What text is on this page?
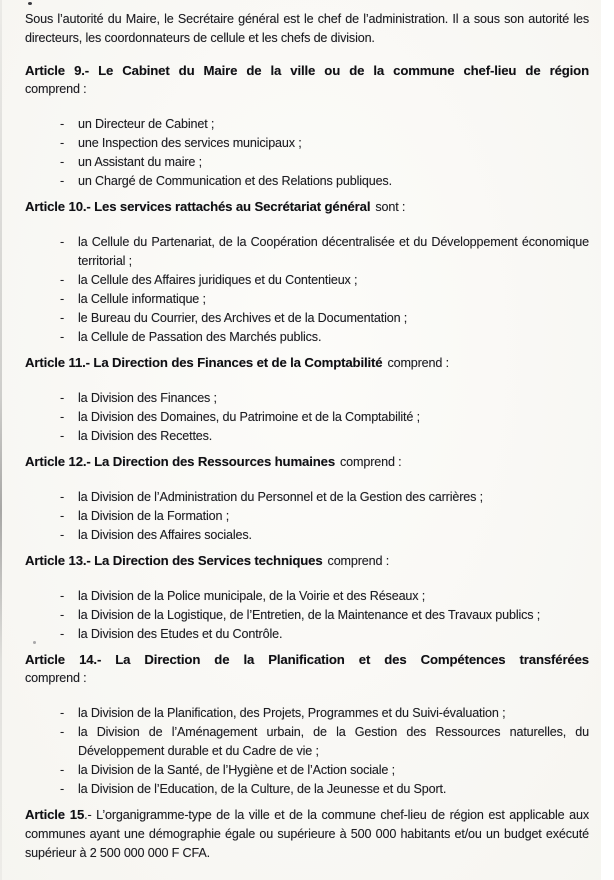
Sous l’autorité du Maire, le Secrétaire général est le chef de l’administration. Il a sous son autorité les directeurs, les coordonnateurs de cellule et les chefs de division.

Article 9.- Le Cabinet du Maire de la ville ou de la commune chef-lieu de région
comprend :
-	un Directeur de Cabinet ;
-	une Inspection des services municipaux ;
-	un Assistant du maire ;
-	un Chargé de Communication et des Relations publiques.
Article 10.- Les services rattachés au Secrétariat général sont :
-	la Cellule du Partenariat, de la Coopération décentralisée et du Développement économique territorial ;
-	la Cellule des Affaires juridiques et du Contentieux ;
-	la Cellule informatique ;
-	le Bureau du Courrier, des Archives et de la Documentation ;
-	la Cellule de Passation des Marchés publics.
Article 11.- La Direction des Finances et de la Comptabilité comprend :
-	la Division des Finances ;
-	la Division des Domaines, du Patrimoine et de la Comptabilité ;
-	la Division des Recettes.
Article 12.- La Direction des Ressources humaines comprend :
-	la Division de l’Administration du Personnel et de la Gestion des carrières ;
-	la Division de la Formation ;
-	la Division des Affaires sociales.
Article 13.- La Direction des Services techniques comprend :
-	la Division de la Police municipale, de la Voirie et des Réseaux ;
-	la Division de la Logistique, de l’Entretien, de la Maintenance et des Travaux publics ;
-	la Division des Etudes et du Contrôle.
Article 14.- La Direction de la Planification et des Compétences transférées
comprend :
-	la Division de la Planification, des Projets, Programmes et du Suivi-évaluation ;
-	la Division de l’Aménagement urbain, de la Gestion des Ressources naturelles, du Développement durable et du Cadre de vie ;
-	la Division de la Santé, de l’Hygiène et de l’Action sociale ;
-	la Division de l’Education, de la Culture, de la Jeunesse et du Sport.

Article 15.- L’organigramme-type de la ville et de la commune chef-lieu de région est applicable aux communes ayant une démographie égale ou supérieure à 500 000 habitants et/ou un budget exécuté supérieur à 2 500 000 000 F CFA.
